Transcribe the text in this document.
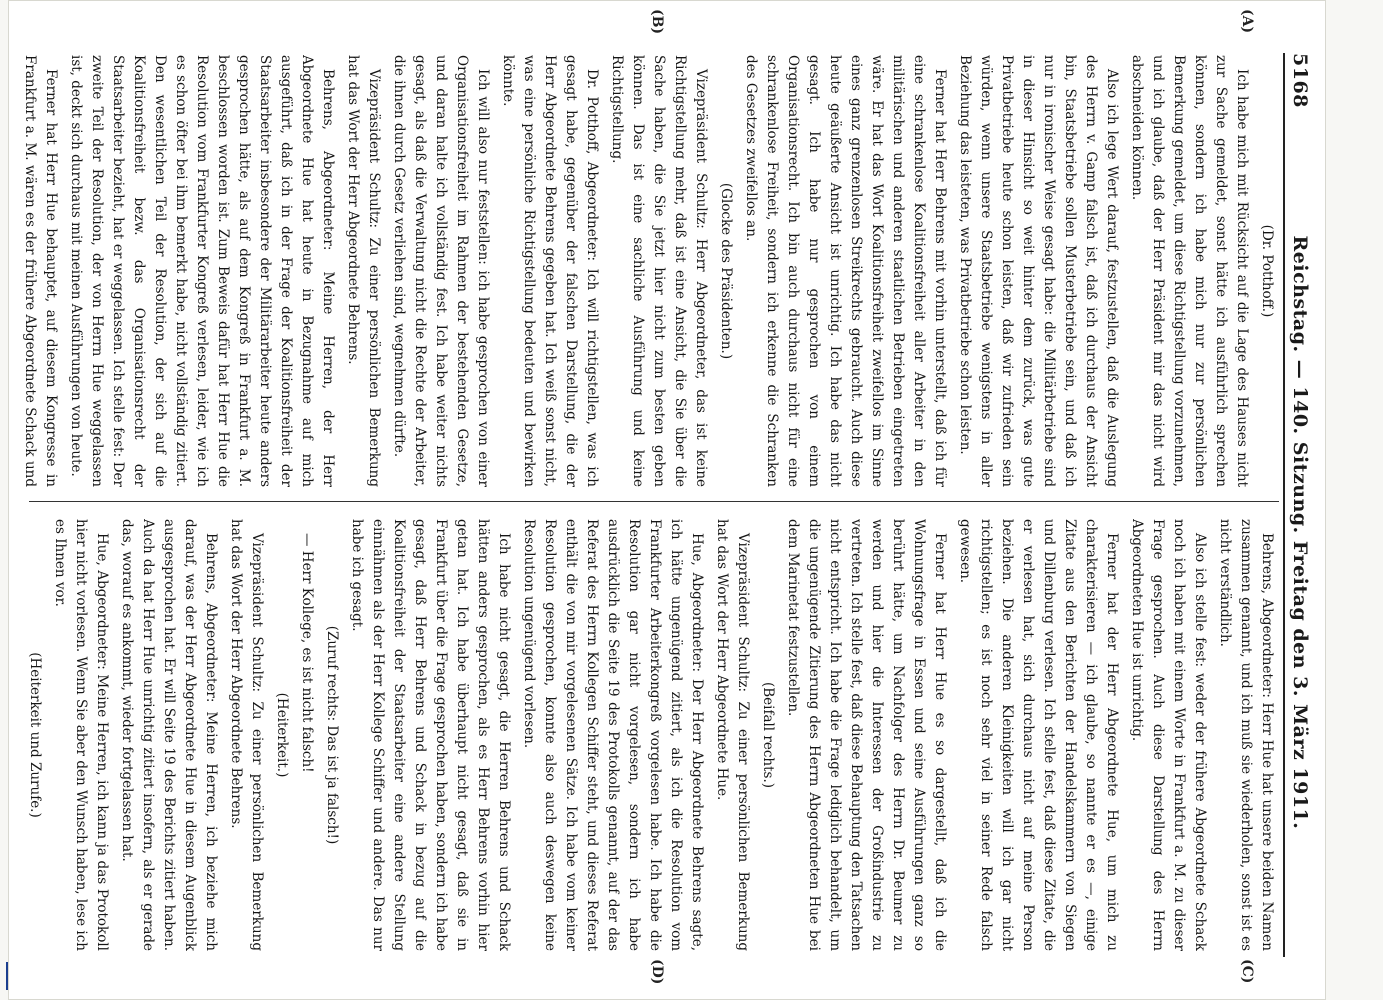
5168
Reichstag. — 140. Sitzung. Freitag den 3. März 1911.
(A)
(B)
(C)
(D)

(Dr. Potthoff.)

Ich habe mich mit Rücksicht auf die Lage des Hauses nicht zur Sache gemeldet, sonst hätte ich ausführlich sprechen können, sondern ich habe mich nur zur persönlichen Bemerkung gemeldet, um diese Richtigstellung vorzunehmen, und ich glaube, daß der Herr Präsident mir das nicht wird abschneiden können.

Also ich lege Wert darauf, festzustellen, daß die Auslegung des Herrn v. Gamp falsch ist, daß ich durchaus der Ansicht bin, Staatsbetriebe sollen Musterbetriebe sein, und daß ich nur in ironischer Weise gesagt habe: die Militärbetriebe sind in dieser Hinsicht so weit hinter dem zurück, was gute Privatbetriebe heute schon leisten, daß wir zufrieden sein würden, wenn unsere Staatsbetriebe wenigstens in aller Beziehung das leisteten, was Privatbetriebe schon leisten.

Ferner hat Herr Behrens mit vorhin unterstellt, daß ich für eine schrankenlose Koalitionsfreiheit aller Arbeiter in den militärischen und anderen staatlichen Betrieben eingetreten wäre. Er hat das Wort Koalitionsfreiheit zweifellos im Sinne eines ganz grenzenlosen Streikrechts gebraucht. Auch diese heute geäußerte Ansicht ist unrichtig. Ich habe das nicht gesagt. Ich habe nur gesprochen von einem Organisationsrecht. Ich bin auch durchaus nicht für eine schrankenlose Freiheit, sondern ich erkenne die Schranken des Gesetzes zweifellos an.

(Glocke des Präsidenten.)

Vizepräsident Schultz: Herr Abgeordneter, das ist keine Richtigstellung mehr, daß ist eine Ansicht, die Sie über die Sache haben, die Sie jetzt hier nicht zum besten geben können. Das ist eine sachliche Ausführung und keine Richtigstellung.

Dr. Potthoff, Abgeordneter: Ich will richtigstellen, was ich gesagt habe, gegenüber der falschen Darstellung, die der Herr Abgeordnete Behrens gegeben hat. Ich weiß sonst nicht, was eine persönliche Richtigstellung bedeuten und bewirken könnte.

Ich will also nur feststellen: ich habe gesprochen von einer Organisationsfreiheit im Rahmen der bestehenden Gesetze, und daran halte ich vollständig fest. Ich habe weiter nichts gesagt, als daß die Verwaltung nicht die Rechte der Arbeiter, die ihnen durch Gesetz verliehen sind, wegnehmen dürfte.

Vizepräsident Schultz: Zu einer persönlichen Bemerkung hat das Wort der Herr Abgeordnete Behrens.

Behrens, Abgeordneter: Meine Herren, der Herr Abgeordnete Hue hat heute in Bezugnahme auf mich ausgeführt, daß ich in der Frage der Koalitionsfreiheit der Staatsarbeiter insbesondere der Militärarbeiter heute anders gesprochen hätte, als auf dem Kongreß in Frankfurt a. M. beschlossen worden ist. Zum Beweis dafür hat Herr Hue die Resolution vom Frankfurter Kongreß verlesen, leider, wie ich es schon öfter bei ihm bemerkt habe, nicht vollständig zitiert. Den wesentlichen Teil der Resolution, der sich auf die Koalitionsfreiheit bezw. das Organisationsrecht der Staatsarbeiter bezieht, hat er weggelassen. Ich stelle fest: Der zweite Teil der Resolution, der von Herrn Hue weggelassen ist, deckt sich durchaus mit meinen Ausführungen von heute.

Ferner hat Herr Hue behauptet, auf diesem Kongresse in Frankfurt a. M. wären es der frühere Abgeordnete Schack und

Behrens, Abgeordneter: Herr Hue hat unsere beiden Namen zusammen genannt, und ich muß sie wiederholen, sonst ist es nicht verständlich.

Also ich stelle fest: weder der frühere Abgeordnete Schack noch ich haben mit einem Worte in Frankfurt a. M. zu dieser Frage gesprochen. Auch diese Darstellung des Herrn Abgeordneten Hue ist unrichtig.

Ferner hat der Herr Abgeordnete Hue, um mich zu charakterisieren — ich glaube, so nannte er es —, einige Zitate aus den Berichten der Handelskammern von Siegen und Dillenburg verlesen. Ich stelle fest, daß diese Zitate, die er verlesen hat, sich durchaus nicht auf meine Person beziehen. Die anderen Kleinigkeiten will ich gar nicht richtigstellen; es ist noch sehr viel in seiner Rede falsch gewesen.

Ferner hat Herr Hue es so dargestellt, daß ich die Wohnungsfrage in Essen und seine Ausführungen ganz so berührt hätte, um Nachfolger des Herrn Dr. Beumer zu werden und hier die Interessen der Großindustrie zu vertreten. Ich stelle fest, daß diese Behauptung den Tatsachen nicht entspricht. Ich habe die Frage lediglich behandelt, um die ungenügende Zitierung des Herrn Abgeordneten Hue bei dem Marinetat festzustellen.

(Beifall rechts.)

Vizepräsident Schultz: Zu einer persönlichen Bemerkung hat das Wort der Herr Abgeordnete Hue.

Hue, Abgeordneter: Der Herr Abgeordnete Behrens sagte, ich hätte ungenügend zitiert, als ich die Resolution vom Frankfurter Arbeiterkongreß vorgelesen habe. Ich habe die Resolution gar nicht vorgelesen, sondern ich habe ausdrücklich die Seite 19 des Protokolls genannt, auf der das Referat des Herrn Kollegen Schiffer steht, und dieses Referat enthält die von mir vorgelesenen Sätze. Ich habe vom keiner Resolution gesprochen, konnte also auch deswegen keine Resolution ungenügend vorlesen.

Ich habe nicht gesagt, die Herren Behrens und Schack hätten anders gesprochen, als es Herr Behrens vorhin hier getan hat. Ich habe überhaupt nicht gesagt, daß sie in Frankfurt über die Frage gesprochen haben, sondern ich habe gesagt, daß Herr Behrens und Schack in bezug auf die Koalitionsfreiheit der Staatsarbeiter eine andere Stellung einnähmen als der Herr Kollege Schiffer und andere. Das nur habe ich gesagt.

(Zuruf rechts: Das ist ja falsch!)

— Herr Kollege, es ist nicht falsch!

(Heiterkeit.)

Vizepräsident Schultz: Zu einer persönlichen Bemerkung hat das Wort der Herr Abgeordnete Behrens.

Behrens, Abgeordneter: Meine Herren, ich beziehe mich darauf, was der Herr Abgeordnete Hue in diesem Augenblick ausgesprochen hat. Er will Seite 19 des Berichts zitiert haben. Auch da hat Herr Hue unrichtig zitiert insofern, als er gerade das, worauf es ankommt, wieder fortgelassen hat.

Hue, Abgeordneter: Meine Herren, ich kann ja das Protokoll hier nicht vorlesen. Wenn Sie aber den Wunsch haben, lese ich es Ihnen vor.

(Heiterkeit und Zurufe.)
